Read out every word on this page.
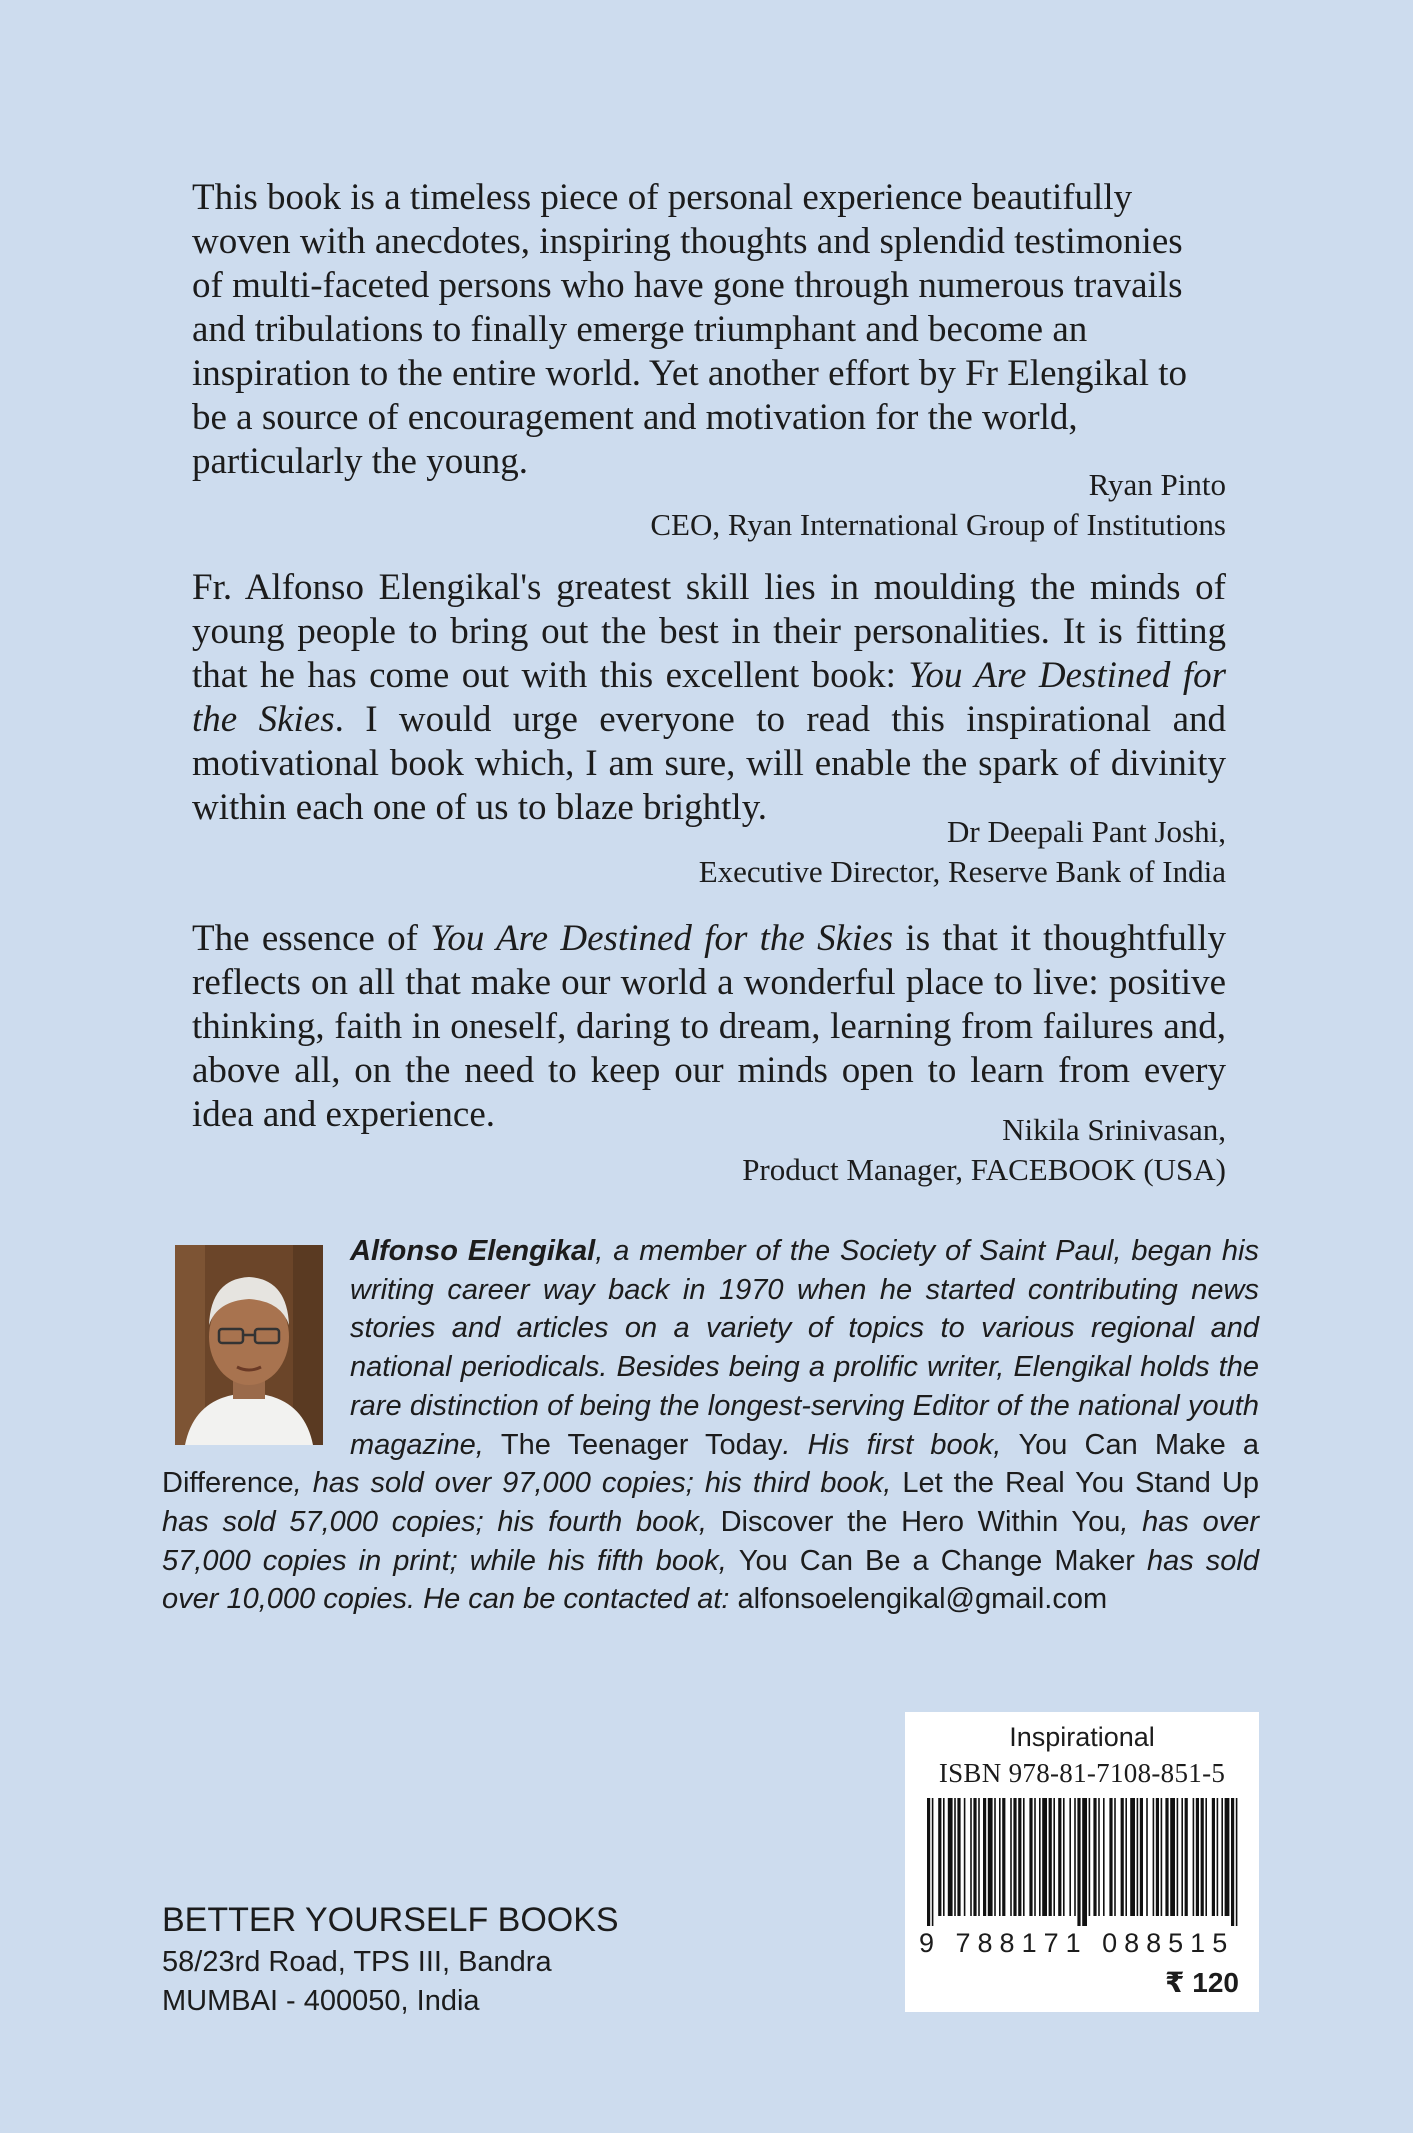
This book is a timeless piece of personal experience beautifully
woven with anecdotes, inspiring thoughts and splendid testimonies
of multi-faceted persons who have gone through numerous travails
and tribulations to finally emerge triumphant and become an
inspiration to the entire world. Yet another effort by Fr Elengikal to
be a source of encouragement and motivation for the world,
particularly the young.
Ryan Pinto
CEO, Ryan International Group of Institutions
Fr. Alfonso Elengikal's greatest skill lies in moulding the minds of young people to bring out the best in their personalities. It is fitting that he has come out with this excellent book: You Are Destined for the Skies. I would urge everyone to read this inspirational and motivational book which, I am sure, will enable the spark of divinity within each one of us to blaze brightly.
Dr Deepali Pant Joshi,
Executive Director, Reserve Bank of India
The essence of You Are Destined for the Skies is that it thoughtfully reflects on all that make our world a wonderful place to live: positive thinking, faith in oneself, daring to dream, learning from failures and, above all, on the need to keep our minds open to learn from every idea and experience.	Nikila Srinivasan,
Product Manager, FACEBOOK (USA)
Alfonso Elengikal, a member of the Society of Saint Paul, began his writing career way back in 1970 when he started contributing news stories and articles on a variety of topics to various regional and national periodicals. Besides being a prolific writer, Elengikal holds the rare distinction of being the longest-serving Editor of the national youth magazine, The Teenager Today. His first book, You Can Make a Difference, has sold over 97,000 copies; his third book, Let the Real You Stand Up has sold 57,000 copies; his fourth book, Discover the Hero Within You, has over 57,000 copies in print; while his fifth book, You Can Be a Change Maker has sold over 10,000 copies. He can be contacted at: alfonsoelengikal@gmail.com
BETTER YOURSELF BOOKS
58/23rd Road, TPS III, Bandra
MUMBAI - 400050, India
Inspirational
ISBN 978-81-7108-851-5
9 788171 088515
₹ 120
